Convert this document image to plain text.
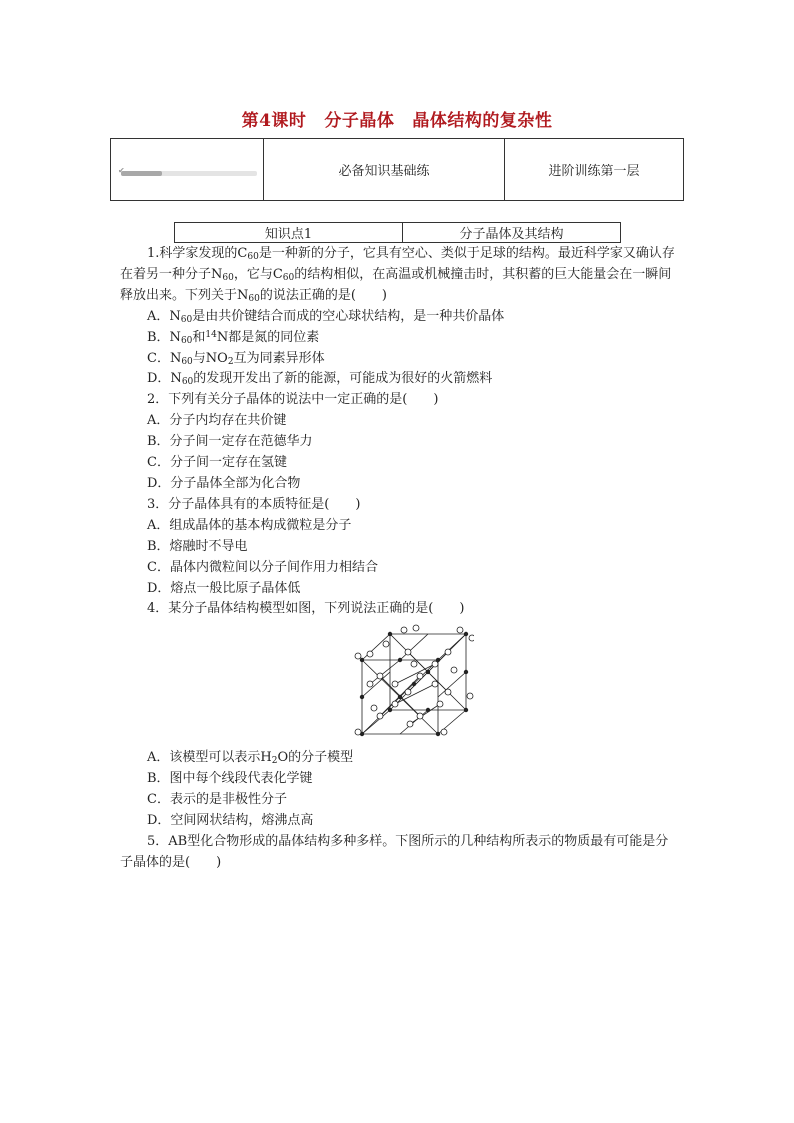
第4课时 分子晶体 晶体结构的复杂性
✔	必备知识基础练	进阶训练第一层
知识点1	分子晶体及其结构

1.科学家发现的$C_{60}$是一种新的分子，它具有空心、类似于足球的结构。最近科学家又确认存在着另一种分子$N_{60}$，它与$C_{60}$的结构相似，在高温或机械撞击时，其积蓄的巨大能量会在一瞬间释放出来。下列关于$N_{60}$的说法正确的是(　　)

A．$N_{60}$是由共价键结合而成的空心球状结构，是一种共价晶体

B．$N_{60}$和$^{14}$N都是氮的同位素

C．$N_{60}$与$NO_2$互为同素异形体

D．$N_{60}$的发现开发出了新的能源，可能成为很好的火箭燃料

2．下列有关分子晶体的说法中一定正确的是(　　)

A．分子内均存在共价键

B．分子间一定存在范德华力

C．分子间一定存在氢键

D．分子晶体全部为化合物

3．分子晶体具有的本质特征是(　　)

A．组成晶体的基本构成微粒是分子

B．熔融时不导电

C．晶体内微粒间以分子间作用力相结合

D．熔点一般比原子晶体低

4．某分子晶体结构模型如图，下列说法正确的是(　　)

A．该模型可以表示$H_2O$的分子模型

B．图中每个线段代表化学键

C．表示的是非极性分子

D．空间网状结构，熔沸点高

5．AB型化合物形成的晶体结构多种多样。下图所示的几种结构所表示的物质最有可能是分子晶体的是(　　)
